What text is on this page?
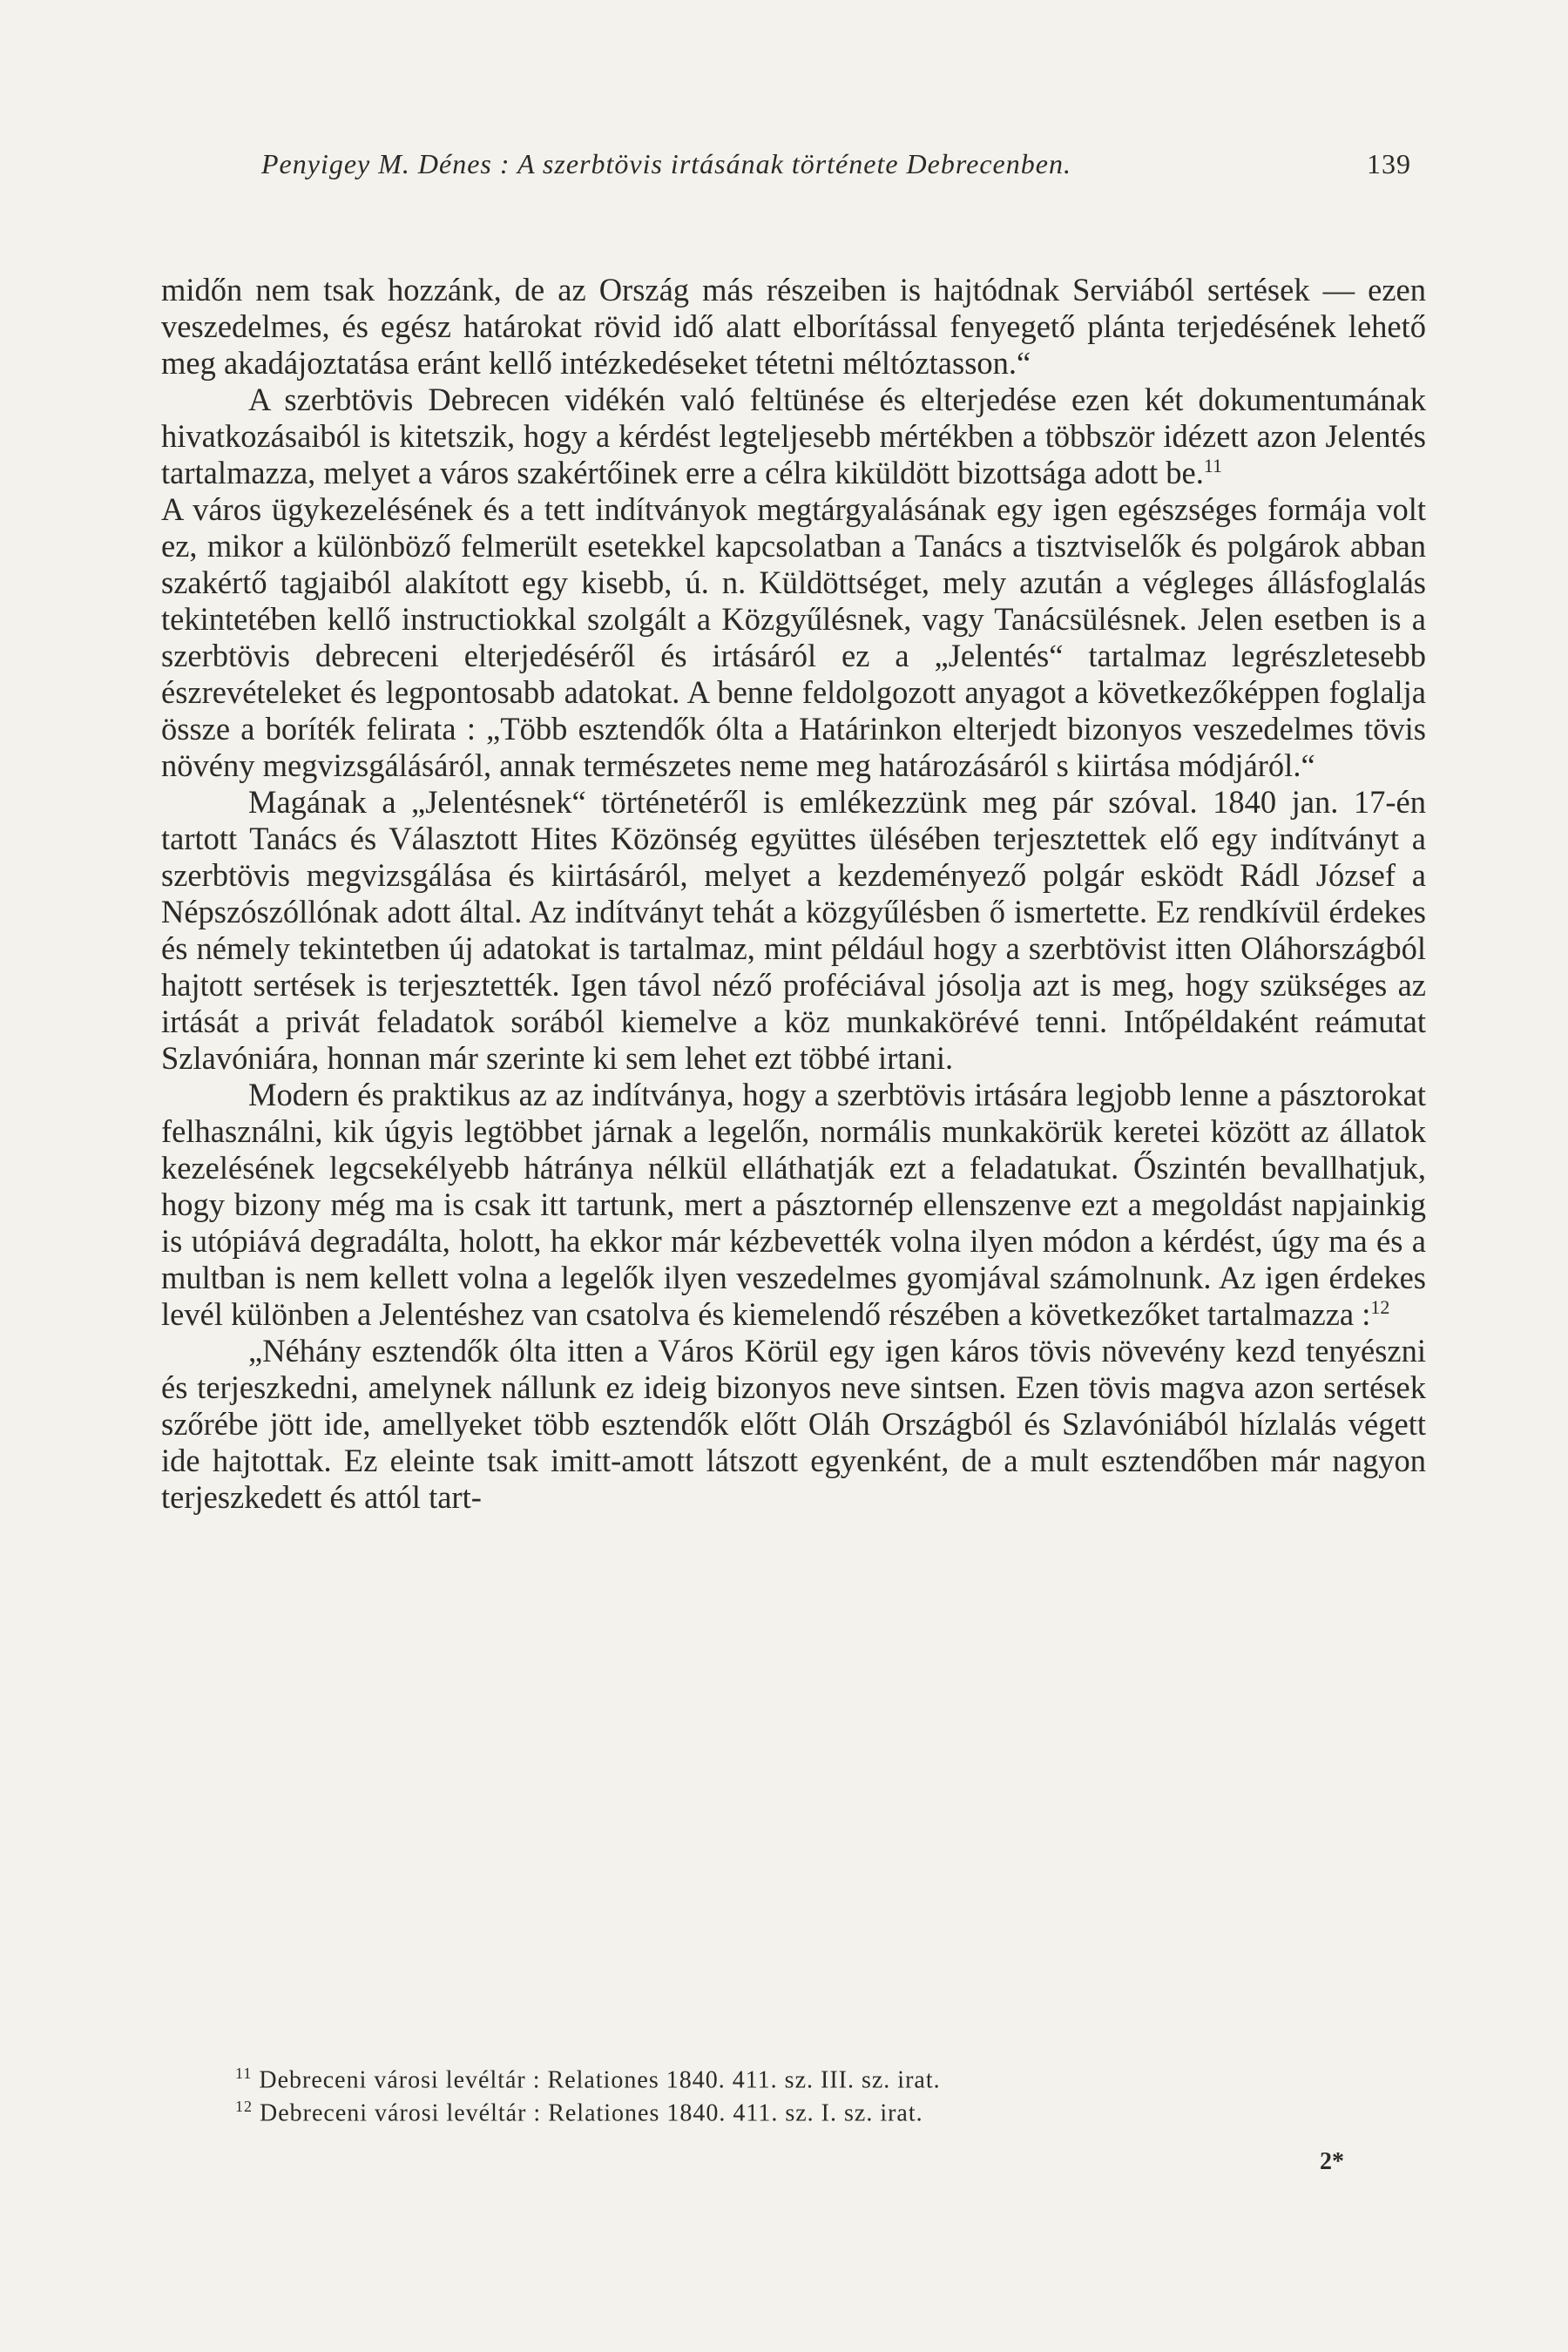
Penyigey M. Dénes : A szerbtövis irtásának története Debrecenben.	139

midőn nem tsak hozzánk, de az Ország más részeiben is hajtódnak Serviából sertések — ezen veszedelmes, és egész határokat rövid idő alatt elborítással fenyegető plánta terjedésének lehető meg akadájoztatása eránt kellő intézkedéseket tétetni méltóztasson.“

A szerbtövis Debrecen vidékén való feltünése és elterjedése ezen két dokumentumának hivatkozásaiból is kitetszik, hogy a kérdést legteljesebb mértékben a többször idézett azon Jelentés tartalmazza, melyet a város szakértőinek erre a célra kiküldött bizottsága adott be.$^{11}$

A város ügykezelésének és a tett indítványok megtárgyalásának egy igen egészséges formája volt ez, mikor a különböző felmerült esetekkel kapcsolatban a Tanács a tisztviselők és polgárok abban szakértő tagjaiból alakított egy kisebb, ú. n. Küldöttséget, mely azután a végleges állásfoglalás tekintetében kellő instructiokkal szolgált a Közgyűlésnek, vagy Tanácsülésnek. Jelen esetben is a szerbtövis debreceni elterjedéséről és irtásáról ez a „Jelentés“ tartalmaz legrészletesebb észrevételeket és legpontosabb adatokat. A benne feldolgozott anyagot a következőképpen foglalja össze a boríték felirata : „Több esztendők ólta a Határinkon elterjedt bizonyos veszedelmes tövis növény megvizsgálásáról, annak természetes neme meg határozásáról s kiirtása módjáról.“

Magának a „Jelentésnek“ történetéről is emlékezzünk meg pár szóval. 1840 jan. 17-én tartott Tanács és Választott Hites Közönség együttes ülésében terjesztettek elő egy indítványt a szerbtövis megvizsgálása és kiirtásáról, melyet a kezdeményező polgár esködt Rádl József a Népszószóllónak adott által. Az indítványt tehát a közgyűlésben ő ismertette. Ez rendkívül érdekes és némely tekintetben új adatokat is tartalmaz, mint például hogy a szerbtövist itten Oláhországból hajtott sertések is terjesztették. Igen távol néző proféciával jósolja azt is meg, hogy szükséges az irtását a privát feladatok sorából kiemelve a köz munkakörévé tenni. Intőpéldaként reámutat Szlavóniára, honnan már szerinte ki sem lehet ezt többé irtani.

Modern és praktikus az az indítványa, hogy a szerbtövis irtására legjobb lenne a pásztorokat felhasználni, kik úgyis legtöbbet járnak a legelőn, normális munkakörük keretei között az állatok kezelésének legcsekélyebb hátránya nélkül elláthatják ezt a feladatukat. Őszintén bevallhatjuk, hogy bizony még ma is csak itt tartunk, mert a pásztornép ellenszenve ezt a megoldást napjainkig is utópiává degradálta, holott, ha ekkor már kézbevették volna ilyen módon a kérdést, úgy ma és a multban is nem kellett volna a legelők ilyen veszedelmes gyomjával számolnunk. Az igen érdekes levél különben a Jelentéshez van csatolva és kiemelendő részében a következőket tartalmazza :$^{12}$

„Néhány esztendők ólta itten a Város Körül egy igen káros tövis növevény kezd tenyészni és terjeszkedni, amelynek nállunk ez ideig bizonyos neve sintsen. Ezen tövis magva azon sertések szőrébe jött ide, amellyeket több esztendők előtt Oláh Országból és Szlavóniából hízlalás végett ide hajtottak. Ez eleinte tsak imitt-amott látszott egyenként, de a mult esztendőben már nagyon terjeszkedett és attól tart-

$^{11}$ Debreceni városi levéltár : Relationes 1840. 411. sz. III. sz. irat.
$^{12}$ Debreceni városi levéltár : Relationes 1840. 411. sz. I. sz. irat.
2*
